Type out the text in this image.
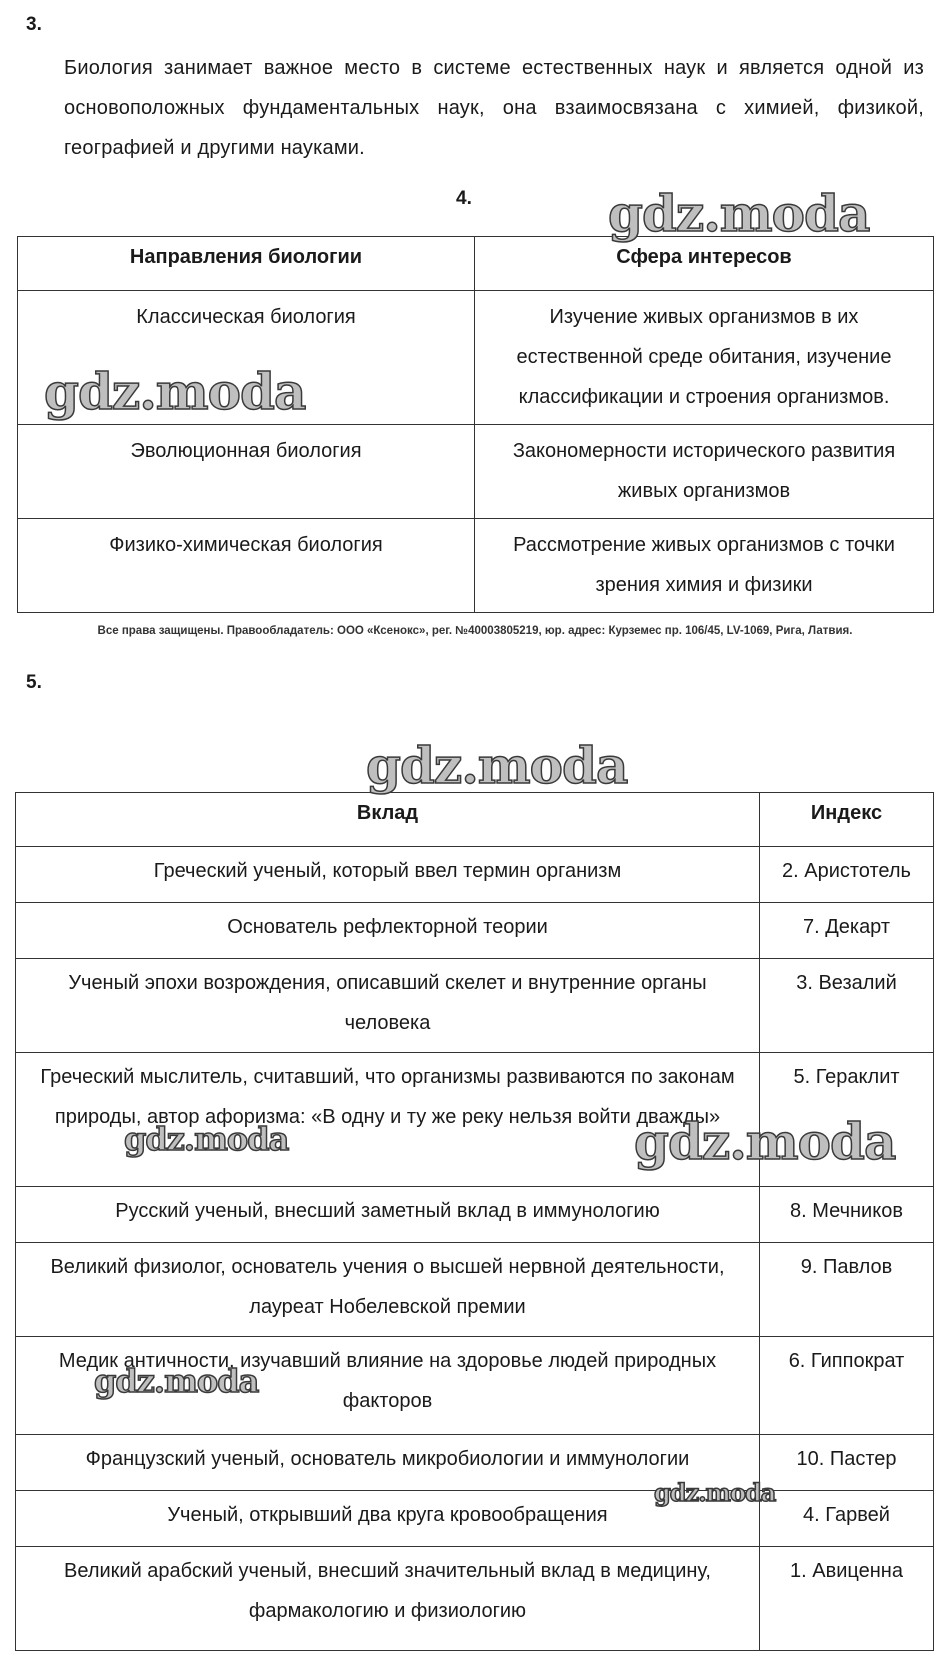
3.
Биология занимает важное место в системе естественных наук и является одной из основоположных фундаментальных наук, она взаимосвязана с химией, физикой, географией и другими науками.
4.
Направления биологии	Сфера интересов
Классическая биология	Изучение живых организмов в их естественной среде обитания, изучение классификации и строения организмов.
Эволюционная биология	Закономерности исторического развития живых организмов
Физико-химическая биология	Рассмотрение живых организмов с точки зрения химия и физики
Все права защищены. Правообладатель: ООО «Ксенокс», рег. №40003805219, юр. адрес: Курземес пр. 106/45, LV-1069, Рига, Латвия.
5.
Вклад	Индекс
Греческий ученый, который ввел термин организм	2. Аристотель
Основатель рефлекторной теории	7. Декарт
Ученый эпохи возрождения, описавший скелет и внутренние органы человека	3. Везалий
Греческий мыслитель, считавший, что организмы развиваются по законам природы, автор афоризма: «В одну и ту же реку нельзя войти дважды»	5. Гераклит
Русский ученый, внесший заметный вклад в иммунологию	8. Мечников
Великий физиолог, основатель учения о высшей нервной деятельности, лауреат Нобелевской премии	9. Павлов
Медик античности, изучавший влияние на здоровье людей природных факторов	6. Гиппократ
Французский ученый, основатель микробиологии и иммунологии	10. Пастер
Ученый, открывший два круга кровообращения	4. Гарвей
Великий арабский ученый, внесший значительный вклад в медицину, фармакологию и физиологию	1. Авиценна
gdz.moda
gdz.moda
gdz.moda
gdz.moda	gdz.moda
gdz.moda
gdz.moda
